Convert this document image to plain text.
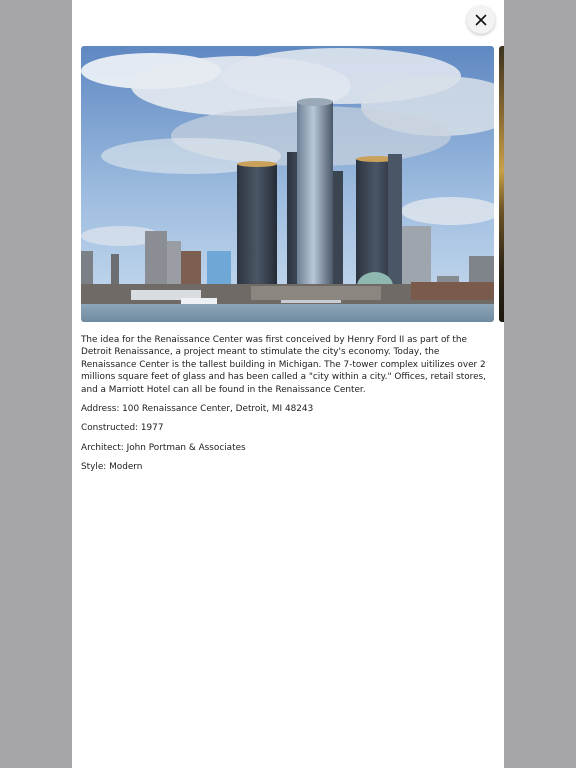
The idea for the Renaissance Center was first conceived by Henry Ford II as part of the Detroit Renaissance, a project meant to stimulate the city's economy. Today, the Renaissance Center is the tallest building in Michigan. The 7-tower complex uitilizes over 2 millions square feet of glass and has been called a "city within a city." Offices, retail stores, and a Marriott Hotel can all be found in the Renaissance Center.

Address: 100 Renaissance Center, Detroit, MI 48243

Constructed: 1977

Architect: John Portman & Associates

Style: Modern
